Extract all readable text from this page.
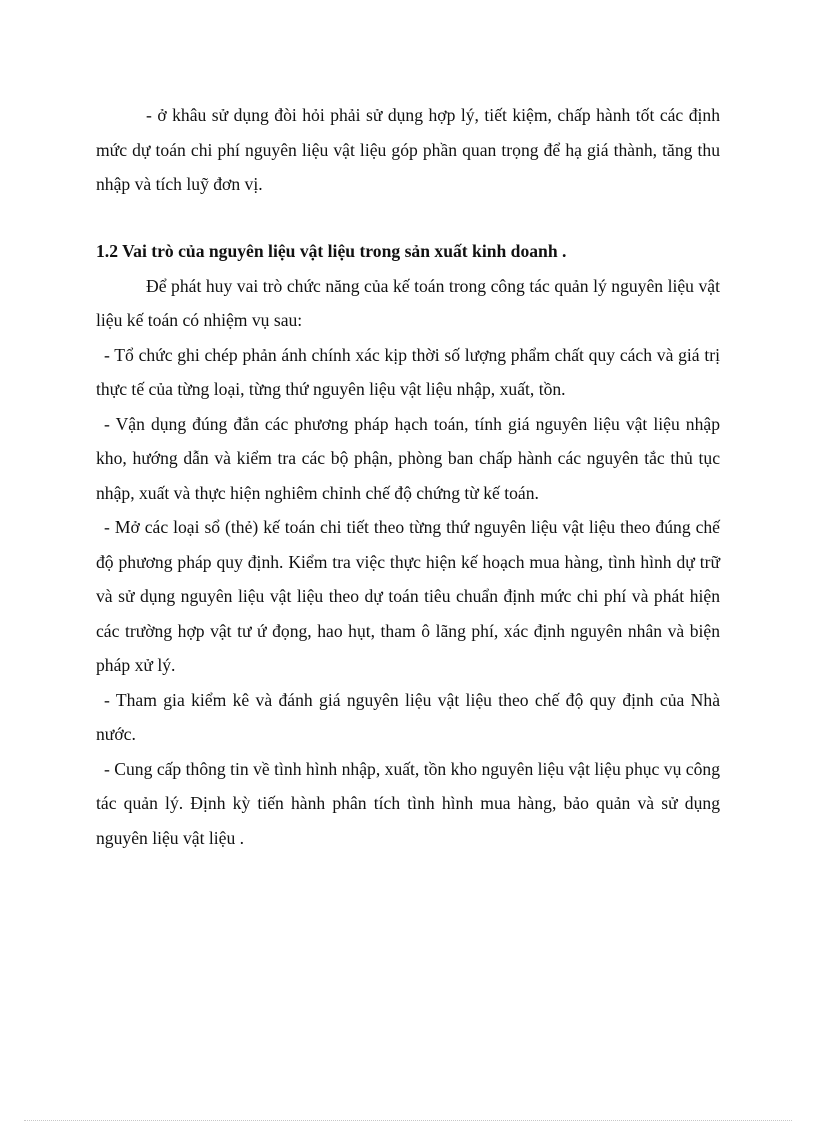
- ở khâu sử dụng đòi hỏi phải sử dụng hợp lý, tiết kiệm, chấp hành tốt các định mức dự toán chi phí nguyên liệu vật liệu góp phần quan trọng để hạ giá thành, tăng thu nhập và tích luỹ đơn vị.

1.2 Vai trò của nguyên liệu vật liệu trong sản xuất kinh doanh .

Để phát huy vai trò chức năng của kế toán trong công tác quản lý nguyên liệu vật liệu kế toán có nhiệm vụ sau:

- Tổ chức ghi chép phản ánh chính xác kịp thời số lượng phẩm chất quy cách và giá trị thực tế của từng loại, từng thứ nguyên liệu vật liệu nhập, xuất, tồn.

- Vận dụng đúng đắn các phương pháp hạch toán, tính giá nguyên liệu vật liệu nhập kho, hướng dẫn và kiểm tra các bộ phận, phòng ban chấp hành các nguyên tắc thủ tục nhập, xuất và thực hiện nghiêm chỉnh chế độ chứng từ kế toán.

- Mở các loại sổ (thẻ) kế toán chi tiết theo từng thứ nguyên liệu vật liệu theo đúng chế độ phương pháp quy định. Kiểm tra việc thực hiện kế hoạch mua hàng, tình hình dự trữ và sử dụng nguyên liệu vật liệu theo dự toán tiêu chuẩn định mức chi phí và phát hiện các trường hợp vật tư ứ đọng, hao hụt, tham ô lãng phí, xác định nguyên nhân và biện pháp xử lý.

- Tham gia kiểm kê và đánh giá nguyên liệu vật liệu theo chế độ quy định của Nhà nước.

- Cung cấp thông tin về tình hình nhập, xuất, tồn kho nguyên liệu vật liệu phục vụ công tác quản lý. Định kỳ tiến hành phân tích tình hình mua hàng, bảo quản và sử dụng nguyên liệu vật liệu .
